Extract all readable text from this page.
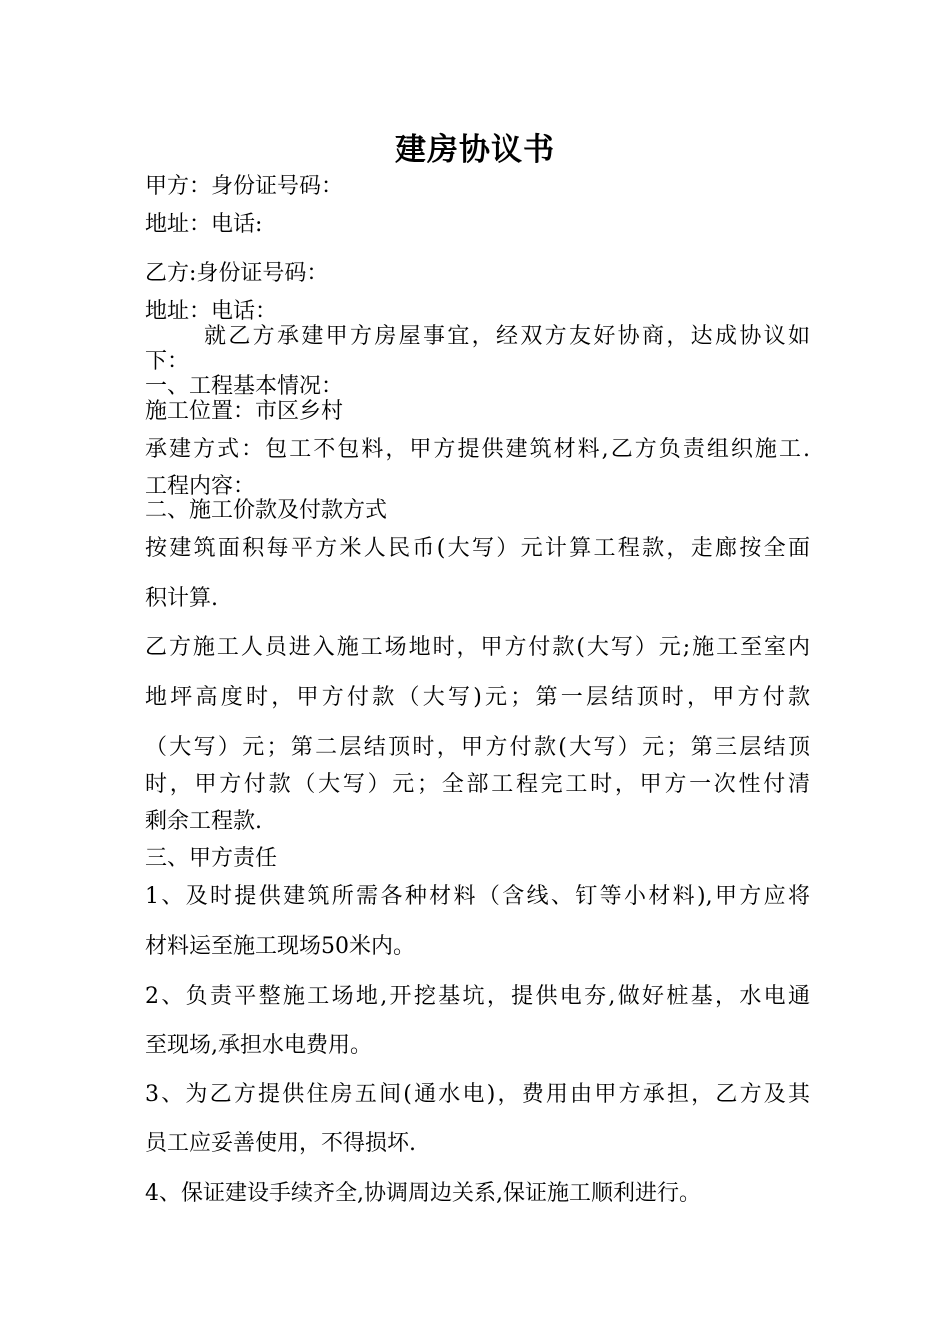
建房协议书
甲方：身份证号码：
地址：电话:
乙方:身份证号码：
地址：电话：
就乙方承建甲方房屋事宜，经双方友好协商，达成协议如
下：
一、工程基本情况：
施工位置：市区乡村
承建方式：包工不包料，甲方提供建筑材料,乙方负责组织施工.
工程内容：
二、施工价款及付款方式
按建筑面积每平方米人民币(大写）元计算工程款，走廊按全面
积计算.
乙方施工人员进入施工场地时，甲方付款(大写）元;施工至室内
地坪高度时，甲方付款（大写)元；第一层结顶时，甲方付款
（大写）元；第二层结顶时，甲方付款(大写）元；第三层结顶
时，甲方付款（大写）元；全部工程完工时，甲方一次性付清
剩余工程款.
三、甲方责任
1、及时提供建筑所需各种材料（含线、钉等小材料),甲方应将
材料运至施工现场50米内。
2、负责平整施工场地,开挖基坑，提供电夯,做好桩基，水电通
至现场,承担水电费用。
3、为乙方提供住房五间(通水电)，费用由甲方承担，乙方及其
员工应妥善使用，不得损坏.
4、保证建设手续齐全,协调周边关系,保证施工顺利进行。
